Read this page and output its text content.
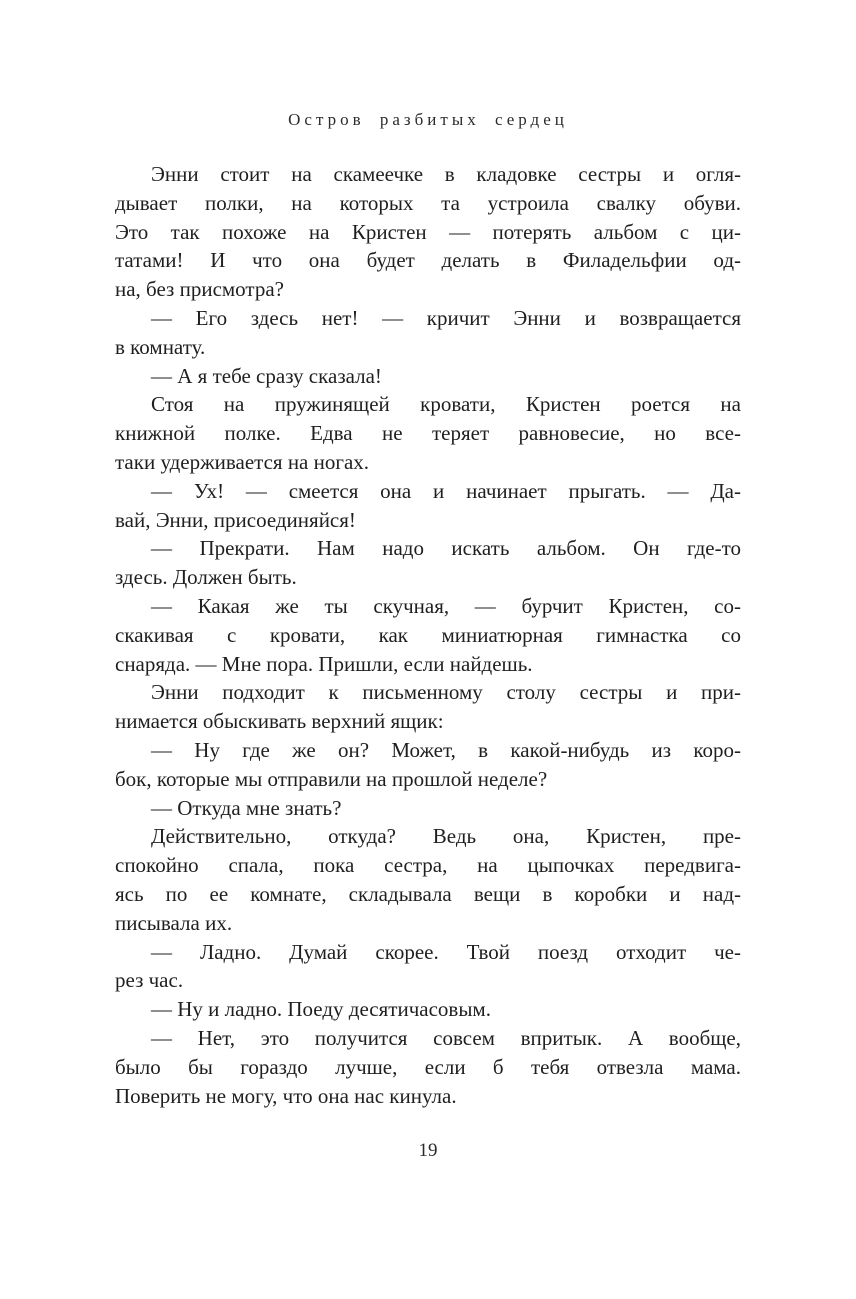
Остров разбитых сердец
Энни стоит на скамеечке в кладовке сестры и огля-
дывает полки, на которых та устроила свалку обуви.
Это так похоже на Кристен — потерять альбом с ци-
татами! И что она будет делать в Филадельфии од-
на, без присмотра?
— Его здесь нет! — кричит Энни и возвращается
в комнату.
— А я тебе сразу сказала!
Стоя на пружинящей кровати, Кристен роется на
книжной полке. Едва не теряет равновесие, но все-
таки удерживается на ногах.
— Ух! — смеется она и начинает прыгать. — Да-
вай, Энни, присоединяйся!
— Прекрати. Нам надо искать альбом. Он где-то
здесь. Должен быть.
— Какая же ты скучная, — бурчит Кристен, со-
скакивая с кровати, как миниатюрная гимнастка со
снаряда. — Мне пора. Пришли, если найдешь.
Энни подходит к письменному столу сестры и при-
нимается обыскивать верхний ящик:
— Ну где же он? Может, в какой-нибудь из коро-
бок, которые мы отправили на прошлой неделе?
— Откуда мне знать?
Действительно, откуда? Ведь она, Кристен, пре-
спокойно спала, пока сестра, на цыпочках передвига-
ясь по ее комнате, складывала вещи в коробки и над-
писывала их.
— Ладно. Думай скорее. Твой поезд отходит че-
рез час.
— Ну и ладно. Поеду десятичасовым.
— Нет, это получится совсем впритык. А вообще,
было бы гораздо лучше, если б тебя отвезла мама.
Поверить не могу, что она нас кинула.
19
